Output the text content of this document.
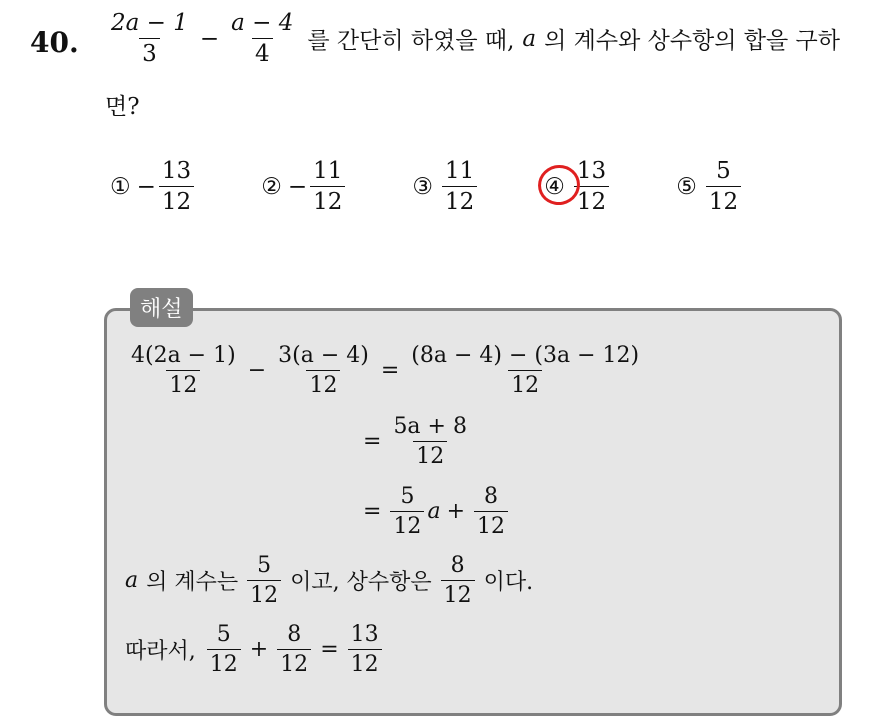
40. $\frac{2a - 1}{3} - \frac{a - 4}{4}$ 를 간단히 하였을 때, a 의 계수와 상수항의 합을 구하
면?
① − $\frac{13}{12}$	② − $\frac{11}{12}$	③ $\frac{11}{12}$	④ $\frac{13}{12}$	⑤ $\frac{5}{12}$
해설
$\frac{4(2a - 1)}{12} - \frac{3(a - 4)}{12} = \frac{(8a - 4) - (3a - 12)}{12}$
= $\frac{5a + 8}{12}$
= $\frac{5}{12}$ $a + \frac{8}{12}$
a 의 계수는 $\frac{5}{12}$ 이고, 상수항은 $\frac{8}{12}$ 이다.
따라서, $\frac{5}{12} + \frac{8}{12} = \frac{13}{12}$
